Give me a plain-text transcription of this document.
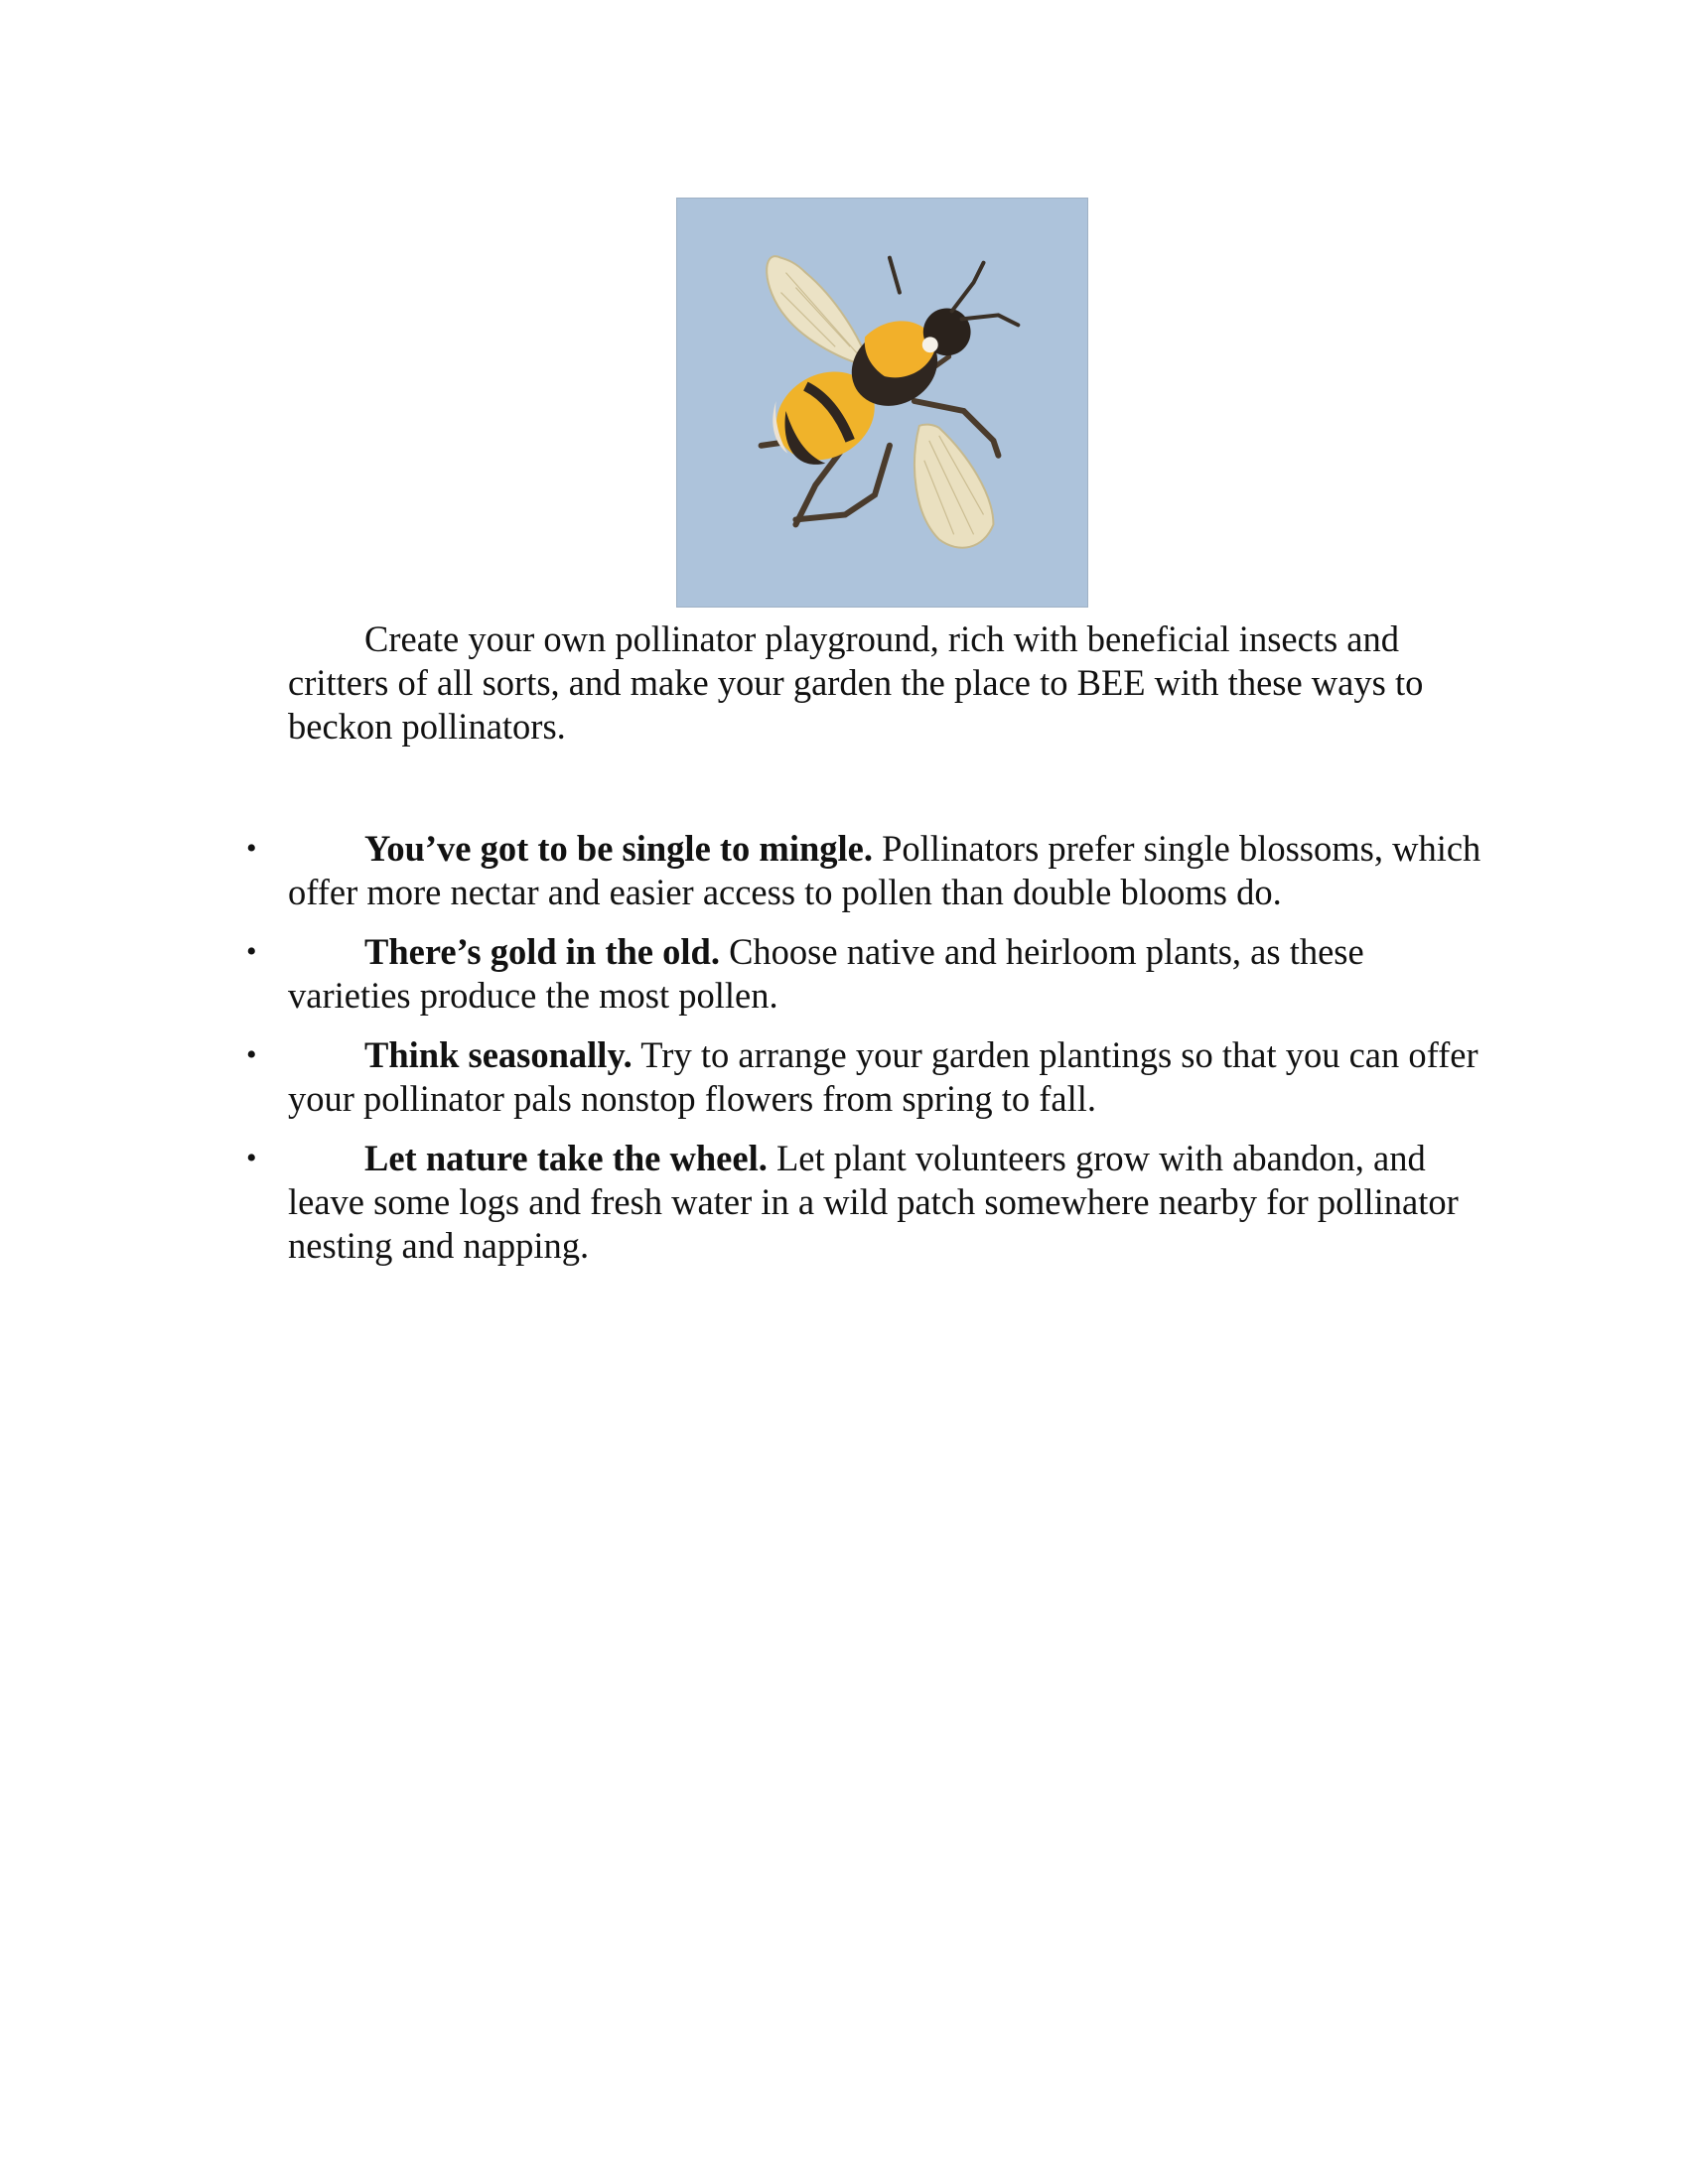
Create your own pollinator playground, rich with beneficial insects and critters of all sorts, and make your garden the place to BEE with these ways to beckon pollinators.

•	You’ve got to be single to mingle. Pollinators prefer single blossoms, which offer more nectar and easier access to pollen than double blooms do.
•	There’s gold in the old. Choose native and heirloom plants, as these varieties produce the most pollen.
•	Think seasonally. Try to arrange your garden plantings so that you can offer your pollinator pals nonstop flowers from spring to fall.
•	Let nature take the wheel. Let plant volunteers grow with abandon, and leave some logs and fresh water in a wild patch somewhere nearby for pollinator nesting and napping.
